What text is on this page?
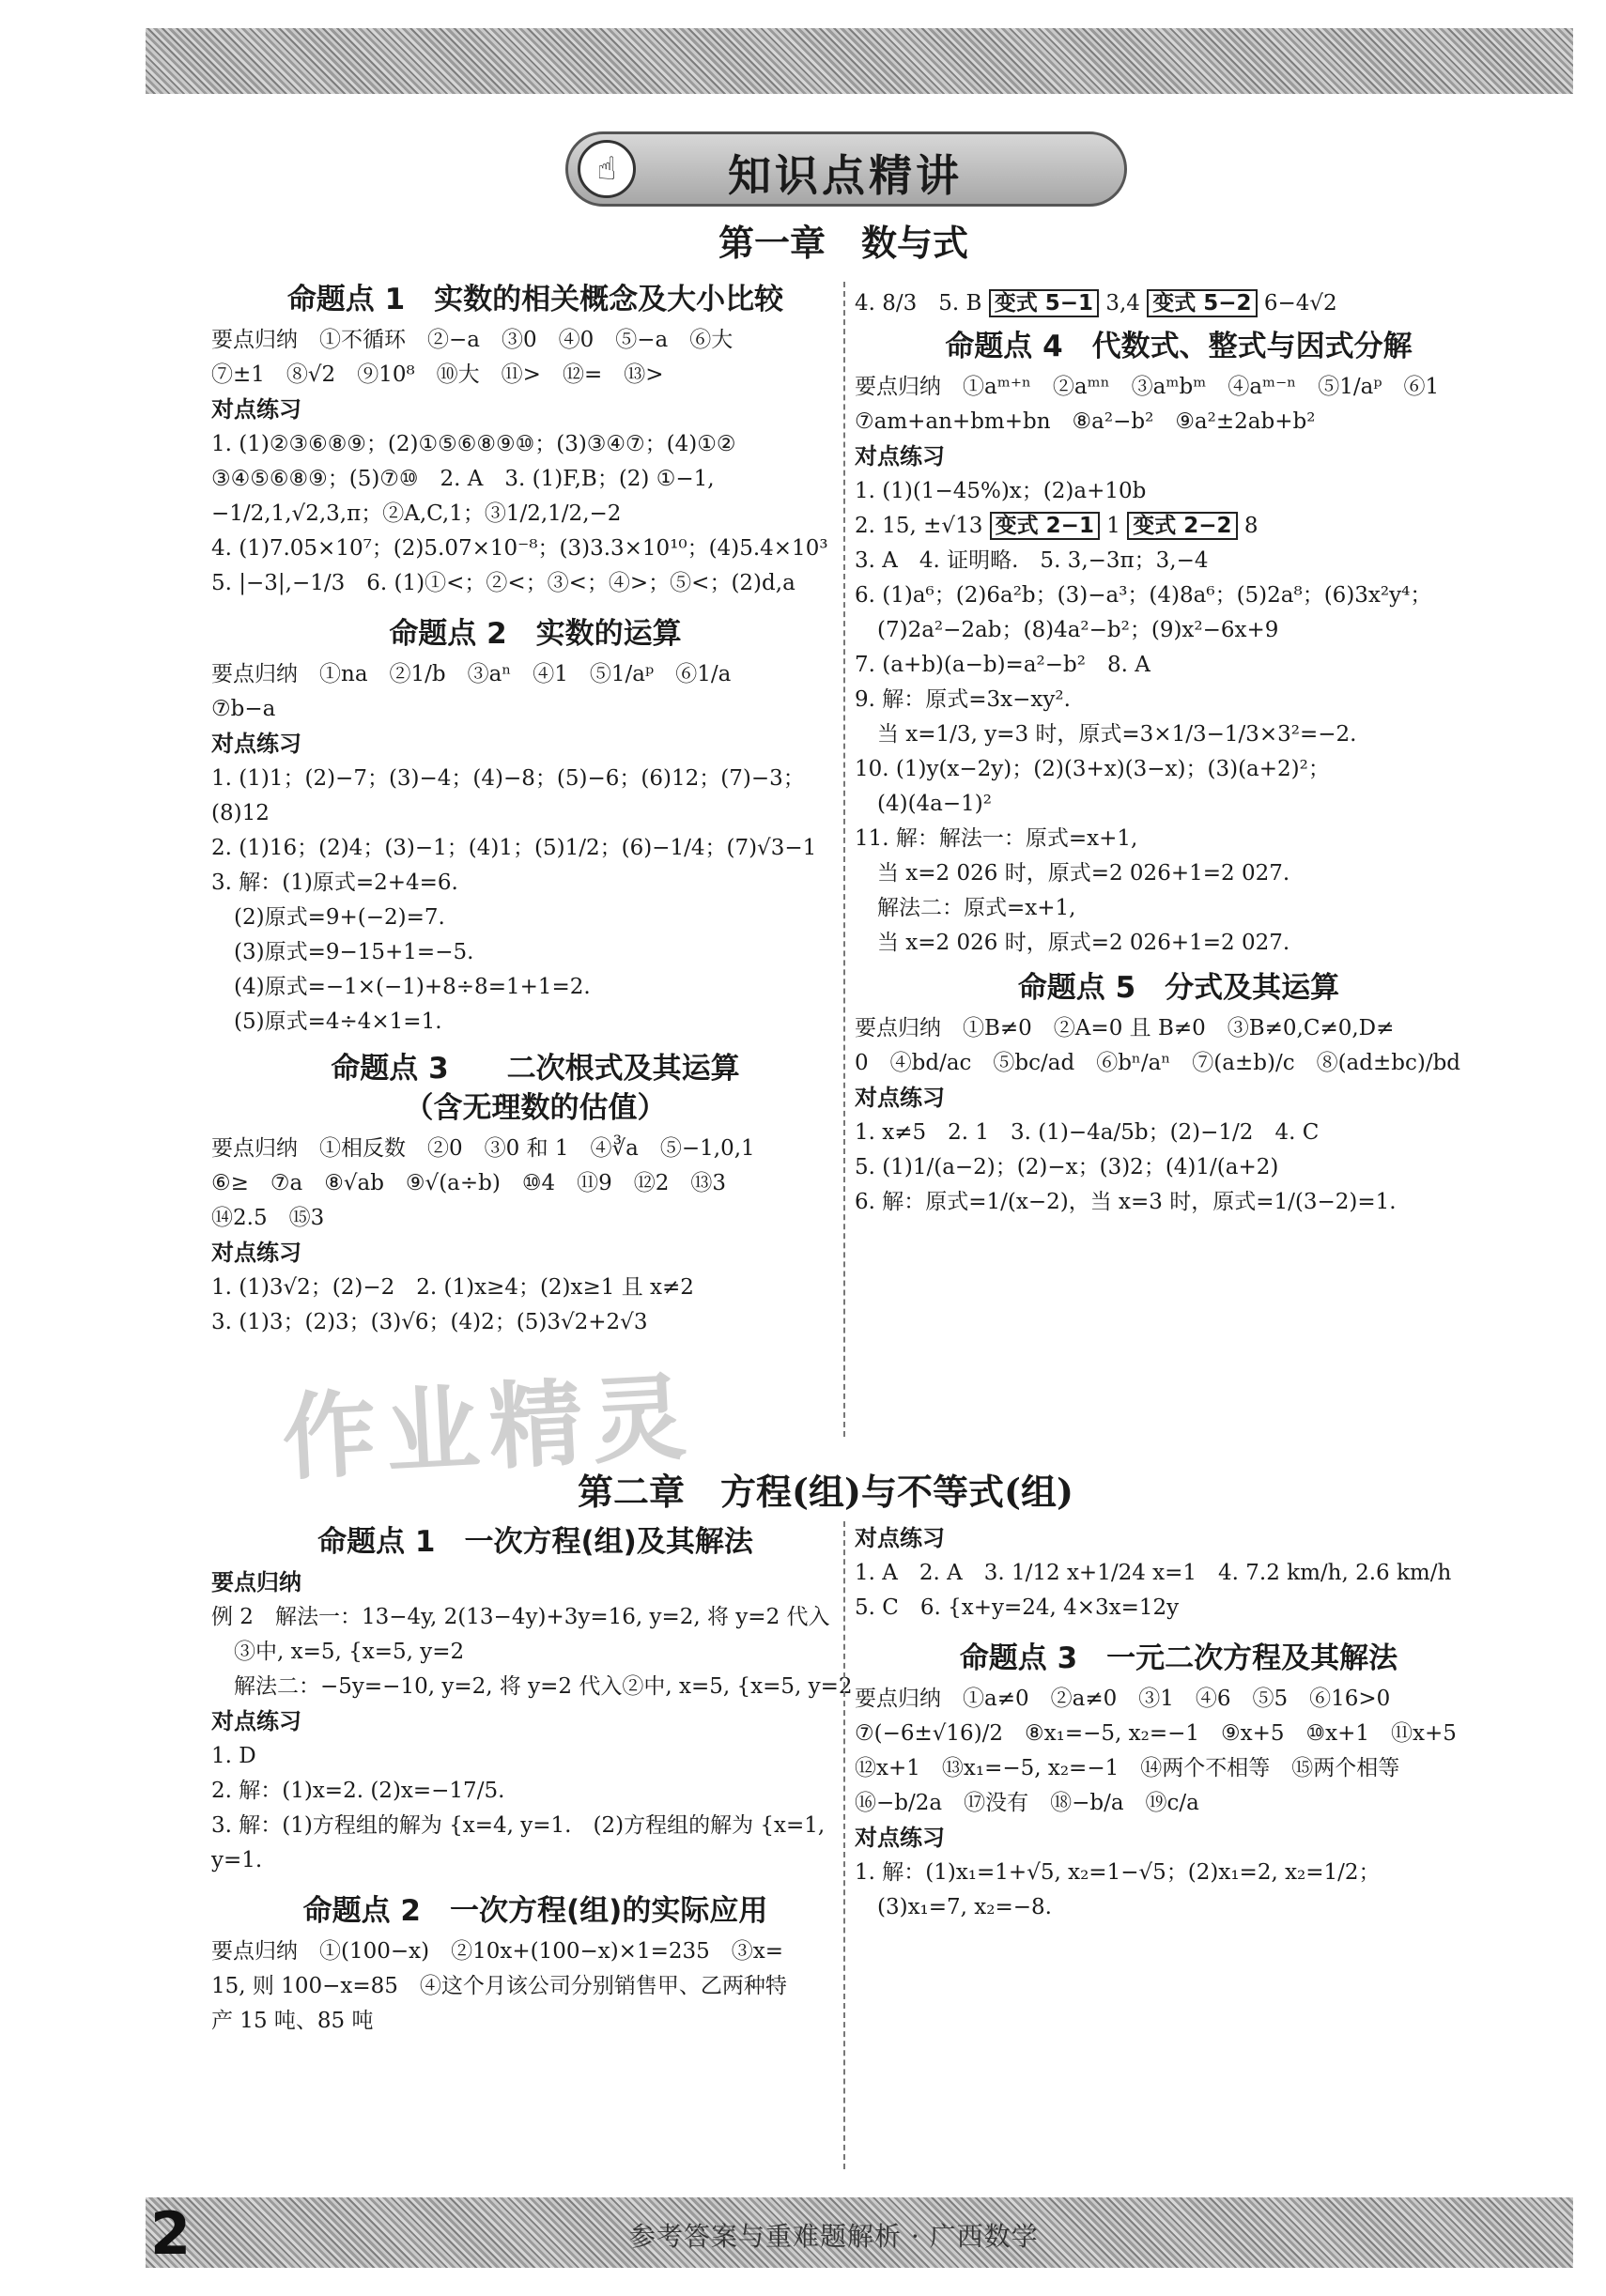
☝	知识点精讲
第一章　数与式
命题点 1　实数的相关概念及大小比较
要点归纳　①不循环　②−a　③0　④0　⑤−a　⑥大
⑦±1　⑧√2　⑨10⁸　⑩大　⑪>　⑫=　⑬>
对点练习
1. (1)②③⑥⑧⑨；(2)①⑤⑥⑧⑨⑩；(3)③④⑦；(4)①②
③④⑤⑥⑧⑨；(5)⑦⑩　2. A　3. (1)F,B；(2) ①−1,
−1/2,1,√2,3,π；②A,C,1；③1/2,1/2,−2
4. (1)7.05×10⁷；(2)5.07×10⁻⁸；(3)3.3×10¹⁰；(4)5.4×10³
5. |−3|,−1/3　6. (1)①<；②<；③<；④>；⑤<；(2)d,a
命题点 2　实数的运算
要点归纳　①na　②1/b　③aⁿ　④1　⑤1/aᵖ　⑥1/a
⑦b−a
对点练习
1. (1)1；(2)−7；(3)−4；(4)−8；(5)−6；(6)12；(7)−3；(8)12
2. (1)16；(2)4；(3)−1；(4)1；(5)1/2；(6)−1/4；(7)√3−1
3. 解：(1)原式=2+4=6.
(2)原式=9+(−2)=7.
(3)原式=9−15+1=−5.
(4)原式=−1×(−1)+8÷8=1+1=2.
(5)原式=4÷4×1=1.
命题点 3　　二次根式及其运算
（含无理数的估值）
要点归纳　①相反数　②0　③0 和 1　④∛a　⑤−1,0,1
⑥≥　⑦a　⑧√ab　⑨√(a÷b)　⑩4　⑪9　⑫2　⑬3
⑭2.5　⑮3
对点练习
1. (1)3√2；(2)−2　2. (1)x≥4；(2)x≥1 且 x≠2
3. (1)3；(2)3；(3)√6；(4)2；(5)3√2+2√3
4. 8/3　5. B 变式 5−1 3,4 变式 5−2 6−4√2
命题点 4　代数式、整式与因式分解
要点归纳　①aᵐ⁺ⁿ　②aᵐⁿ　③aᵐbᵐ　④aᵐ⁻ⁿ　⑤1/aᵖ　⑥1
⑦am+an+bm+bn　⑧a²−b²　⑨a²±2ab+b²
对点练习
1. (1)(1−45%)x；(2)a+10b
2. 15, ±√13 变式 2−1 1 变式 2−2 8
3. A　4. 证明略.　5. 3,−3π；3,−4
6. (1)a⁶；(2)6a²b；(3)−a³；(4)8a⁶；(5)2a⁸；(6)3x²y⁴；
(7)2a²−2ab；(8)4a²−b²；(9)x²−6x+9
7. (a+b)(a−b)=a²−b²　8. A
9. 解：原式=3x−xy².
当 x=1/3, y=3 时，原式=3×1/3−1/3×3²=−2.
10. (1)y(x−2y)；(2)(3+x)(3−x)；(3)(a+2)²；
(4)(4a−1)²
11. 解：解法一：原式=x+1,
当 x=2 026 时，原式=2 026+1=2 027.
解法二：原式=x+1,
当 x=2 026 时，原式=2 026+1=2 027.
命题点 5　分式及其运算
要点归纳　①B≠0　②A=0 且 B≠0　③B≠0,C≠0,D≠
0　④bd/ac　⑤bc/ad　⑥bⁿ/aⁿ　⑦(a±b)/c　⑧(ad±bc)/bd
对点练习
1. x≠5　2. 1　3. (1)−4a/5b；(2)−1/2　4. C
5. (1)1/(a−2)；(2)−x；(3)2；(4)1/(a+2)
6. 解：原式=1/(x−2)，当 x=3 时，原式=1/(3−2)=1.
作业精灵
第二章　方程(组)与不等式(组)
命题点 1　一次方程(组)及其解法
要点归纳
例 2　解法一：13−4y, 2(13−4y)+3y=16, y=2, 将 y=2 代入
③中, x=5, {x=5, y=2
解法二：−5y=−10, y=2, 将 y=2 代入②中, x=5, {x=5, y=2
对点练习
1. D
2. 解：(1)x=2. (2)x=−17/5.
3. 解：(1)方程组的解为 {x=4, y=1.　(2)方程组的解为 {x=1, y=1.
命题点 2　一次方程(组)的实际应用
要点归纳　①(100−x)　②10x+(100−x)×1=235　③x=
15, 则 100−x=85　④这个月该公司分别销售甲、乙两种特
产 15 吨、85 吨
对点练习
1. A　2. A　3. 1/12 x+1/24 x=1　4. 7.2 km/h, 2.6 km/h
5. C　6. {x+y=24, 4×3x=12y
命题点 3　一元二次方程及其解法
要点归纳　①a≠0　②a≠0　③1　④6　⑤5　⑥16>0
⑦(−6±√16)/2　⑧x₁=−5, x₂=−1　⑨x+5　⑩x+1　⑪x+5
⑫x+1　⑬x₁=−5, x₂=−1　⑭两个不相等　⑮两个相等
⑯−b/2a　⑰没有　⑱−b/a　⑲c/a
对点练习
1. 解：(1)x₁=1+√5, x₂=1−√5；(2)x₁=2, x₂=1/2；
(3)x₁=7, x₂=−8.
2	参考答案与重难题解析 · 广西数学
